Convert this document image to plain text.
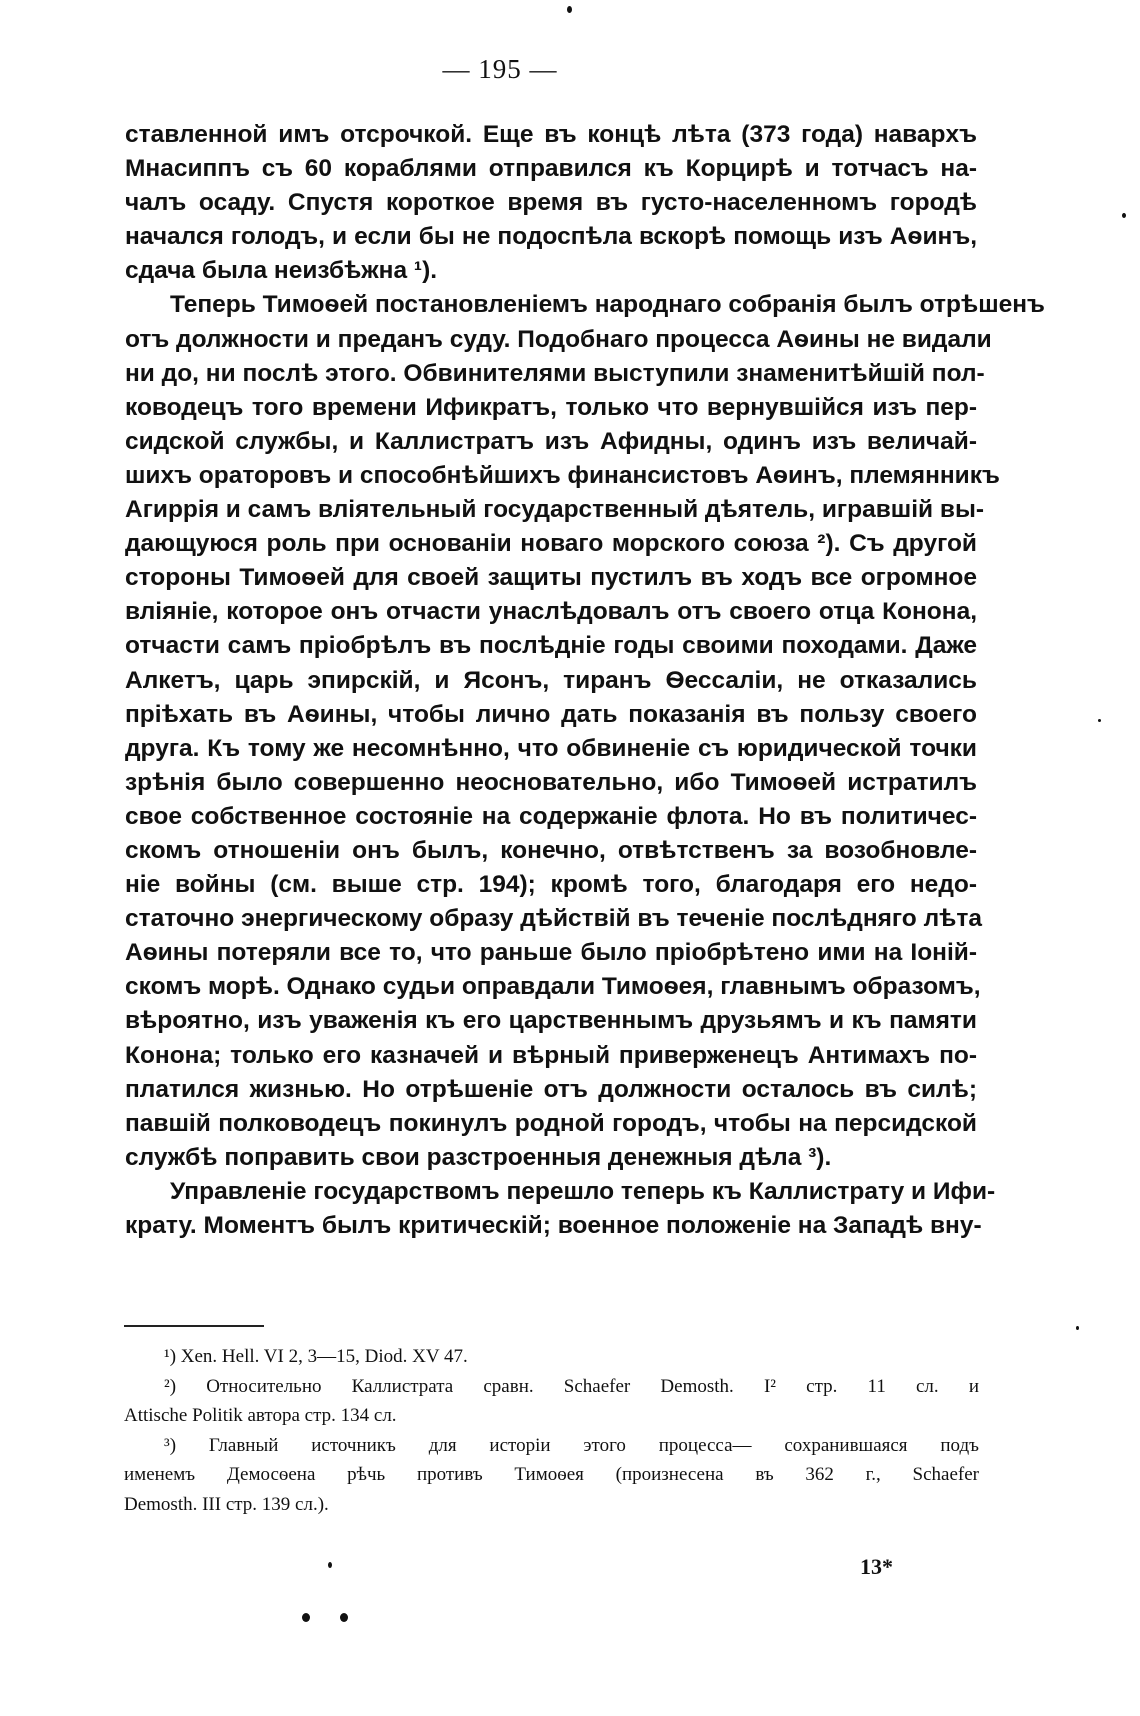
— 195 —
ставленной имъ отсрочкой. Еще въ концѣ лѣта (373 года) наварxъ
Мнасиппъ съ 60 кораблями отправился къ Корцирѣ и тотчасъ на-
чалъ осаду. Спустя короткое время въ густо-населенномъ городѣ
начался голодъ, и если бы не подоспѣла вскорѣ помощь изъ Аѳинъ,
сдача была неизбѣжна ¹).
Теперь Тимоѳей постановленіемъ народнаго собранія былъ отрѣшенъ
отъ должности и преданъ суду. Подобнаго процесса Аѳины не видали
ни до, ни послѣ этого. Обвинителями выступили знаменитѣйшій пол-
ководецъ того времени Ификратъ, только что вернувшійся изъ пер-
сидской службы, и Каллистратъ изъ Афидны, одинъ изъ величай-
шихъ ораторовъ и способнѣйшихъ финансистовъ Аѳинъ, племянникъ
Агиррія и самъ вліятельный государственный дѣятель, игравшій вы-
дающуюся роль при основаніи новаго морского союза ²). Съ другой
стороны Тимоѳей для своей защиты пустилъ въ ходъ все огромное
вліяніе, которое онъ отчасти унаслѣдовалъ отъ своего отца Конона,
отчасти самъ пріобрѣлъ въ послѣдніе годы своими походами. Даже
Алкетъ, царь эпирскій, и Ясонъ, тиранъ Ѳессаліи, не отказались
пріѣхать въ Аѳины, чтобы лично дать показанія въ пользу своего
друга. Къ тому же несомнѣнно, что обвиненіе съ юридической точки
зрѣнія было совершенно неосновательно, ибо Тимоѳей истратилъ
свое собственное состояніе на содержаніе флота. Но въ политичес-
скомъ отношеніи онъ былъ, конечно, отвѣтственъ за возобновле-
ніе войны (см. выше стр. 194); кромѣ того, благодаря его недо-
статочно энергическому образу дѣйствій въ теченіе послѣдняго лѣта
Аѳины потеряли все то, что раньше было пріобрѣтено ими на Іоній-
скомъ морѣ. Однако судьи оправдали Тимоѳея, главнымъ образомъ,
вѣроятно, изъ уваженія къ его царственнымъ друзьямъ и къ памяти
Конона; только его казначей и вѣрный приверженецъ Антимахъ по-
платился жизнью. Но отрѣшеніе отъ должности осталось въ силѣ;
павшій полководецъ покинулъ родной городъ, чтобы на персидской
службѣ поправить свои разстроенныя денежныя дѣла ³).
Управленіе государствомъ перешло теперь къ Каллистрату и Ифи-
крату. Моментъ былъ критическій; военное положеніе на Западѣ вну-
¹) Xen. Hell. VI 2, 3—15, Diod. XV 47.
²) Относительно Каллистрата сравн. Schaefer Demosth. I² стр. 11 сл. и
Attische Politik автора стр. 134 сл.
³) Главный источникъ для исторіи этого процесса— сохранившаяся подъ
именемъ Демосѳена рѣчь противъ Тимоѳея (произнесена въ 362 г., Schaefer
Demosth. III стр. 139 сл.).
13*
